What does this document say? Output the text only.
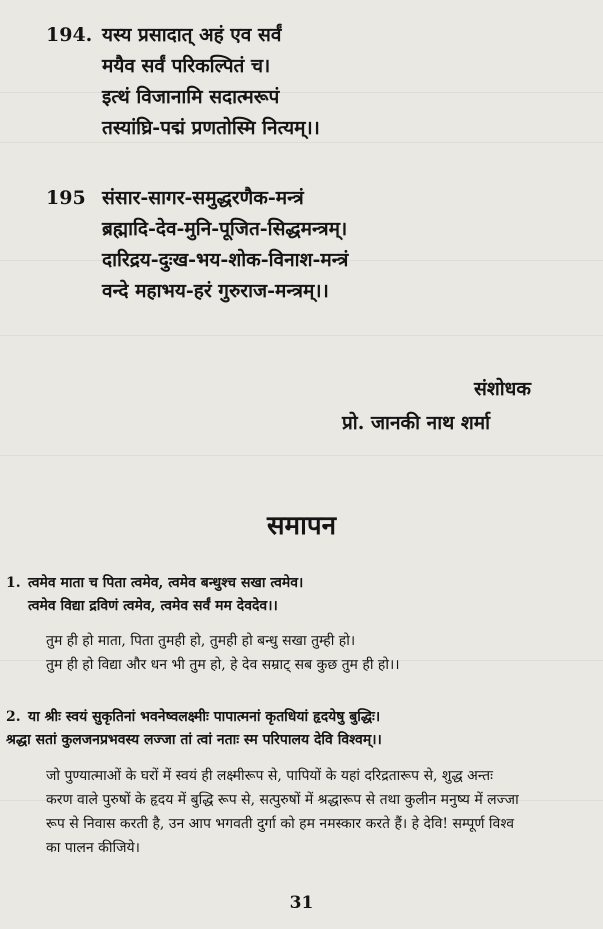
194. यस्य प्रसादात् अहं एव सर्वं
मयैव सर्वं परिकल्पितं च।
इत्थं विजानामि सदात्मरूपं
तस्यांघ्रि-पद्मं प्रणतोस्मि नित्यम्।।
195 संसार-सागर-समुद्धरणैक-मन्त्रं
ब्रह्मादि-देव-मुनि-पूजित-सिद्धमन्त्रम्।
दारिद्रय-दुःख-भय-शोक-विनाश-मन्त्रं
वन्दे महाभय-हरं गुरुराज-मन्त्रम्।।
संशोधक
प्रो. जानकी नाथ शर्मा
समापन
1. त्वमेव माता च पिता त्वमेव, त्वमेव बन्धुश्च सखा त्वमेव।
त्वमेव विद्या द्रविणं त्वमेव, त्वमेव सर्वं मम देवदेव।।
तुम ही हो माता, पिता तुमही हो, तुमही हो बन्धु सखा तुम्ही हो।
तुम ही हो विद्या और धन भी तुम हो, हे देव सम्राट् सब कुछ तुम ही हो।।
2. या श्रीः स्वयं सुकृतिनां भवनेष्वलक्ष्मीः पापात्मनां कृतधियां हृदयेषु बुद्धिः।
श्रद्धा सतां कुलजनप्रभवस्य लज्जा तां त्वां नताः स्म परिपालय देवि विश्वम्।।
जो पुण्यात्माओं के घरों में स्वयं ही लक्ष्मीरूप से, पापियों के यहां दरिद्रतारूप से, शुद्ध अन्तः
करण वाले पुरुषों के हृदय में बुद्धि रूप से, सत्पुरुषों में श्रद्धारूप से तथा कुलीन मनुष्य में लज्जा
रूप से निवास करती है, उन आप भगवती दुर्गा को हम नमस्कार करते हैं। हे देवि! सम्पूर्ण विश्व
का पालन कीजिये।
31
